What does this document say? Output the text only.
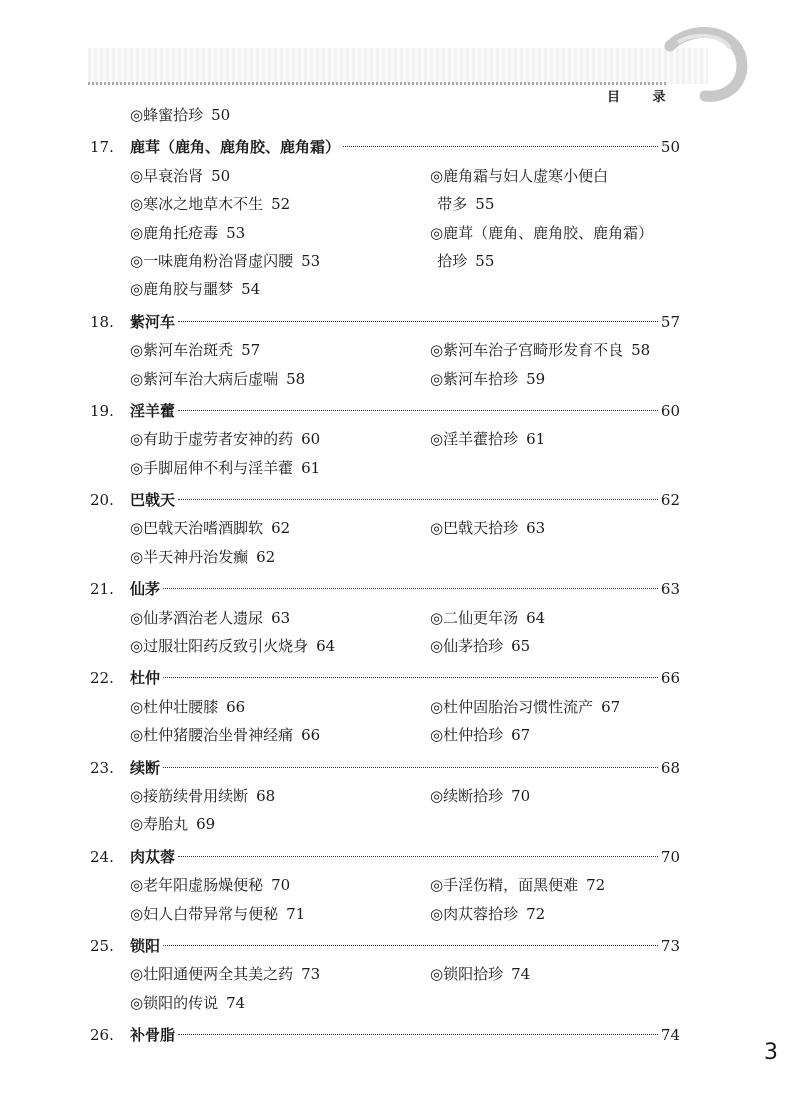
目 录
◎蜂蜜拾珍 50
17.	鹿茸（鹿角、鹿角胶、鹿角霜）	50
◎早衰治肾 50	◎鹿角霜与妇人虚寒小便白
◎寒冰之地草木不生 52	带多 55
◎鹿角托疮毒 53	◎鹿茸（鹿角、鹿角胶、鹿角霜）
◎一味鹿角粉治肾虚闪腰 53	拾珍 55
◎鹿角胶与噩梦 54
18.	紫河车	57
◎紫河车治斑秃 57	◎紫河车治子宫畸形发育不良 58
◎紫河车治大病后虚喘 58	◎紫河车拾珍 59
19.	淫羊藿	60
◎有助于虚劳者安神的药 60	◎淫羊藿拾珍 61
◎手脚屈伸不利与淫羊藿 61
20.	巴戟天	62
◎巴戟天治嗜酒脚软 62	◎巴戟天拾珍 63
◎半天神丹治发癫 62
21.	仙茅	63
◎仙茅酒治老人遗尿 63	◎二仙更年汤 64
◎过服壮阳药反致引火烧身 64	◎仙茅拾珍 65
22.	杜仲	66
◎杜仲壮腰膝 66	◎杜仲固胎治习惯性流产 67
◎杜仲猪腰治坐骨神经痛 66	◎杜仲拾珍 67
23.	续断	68
◎接筋续骨用续断 68	◎续断拾珍 70
◎寿胎丸 69
24.	肉苁蓉	70
◎老年阳虚肠燥便秘 70	◎手淫伤精，面黑便难 72
◎妇人白带异常与便秘 71	◎肉苁蓉拾珍 72
25.	锁阳	73
◎壮阳通便两全其美之药 73	◎锁阳拾珍 74
◎锁阳的传说 74
26.	补骨脂	74
3
